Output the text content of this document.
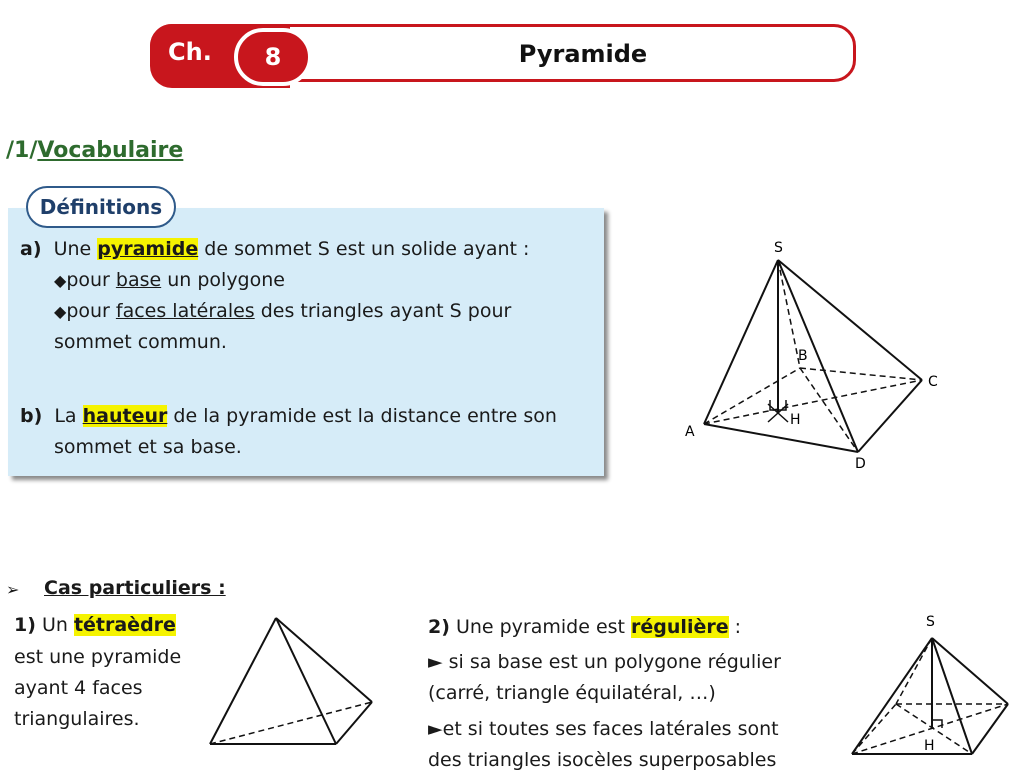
Ch.	8	Pyramide
/1/Vocabulaire
Définitions
a) Une pyramide de sommet S est un solide ayant :
◆pour base un polygone
◆pour faces latérales des triangles ayant S pour
sommet commun.
b) La hauteur de la pyramide est la distance entre son
sommet et sa base.
S
A
B
C
D
H
➢ Cas particuliers :
1) Un tétraèdre
est une pyramide
ayant 4 faces
triangulaires.
2) Une pyramide est régulière :
► si sa base est un polygone régulier
(carré, triangle équilatéral, …)
►et si toutes ses faces latérales sont
des triangles isocèles superposables
S
H
